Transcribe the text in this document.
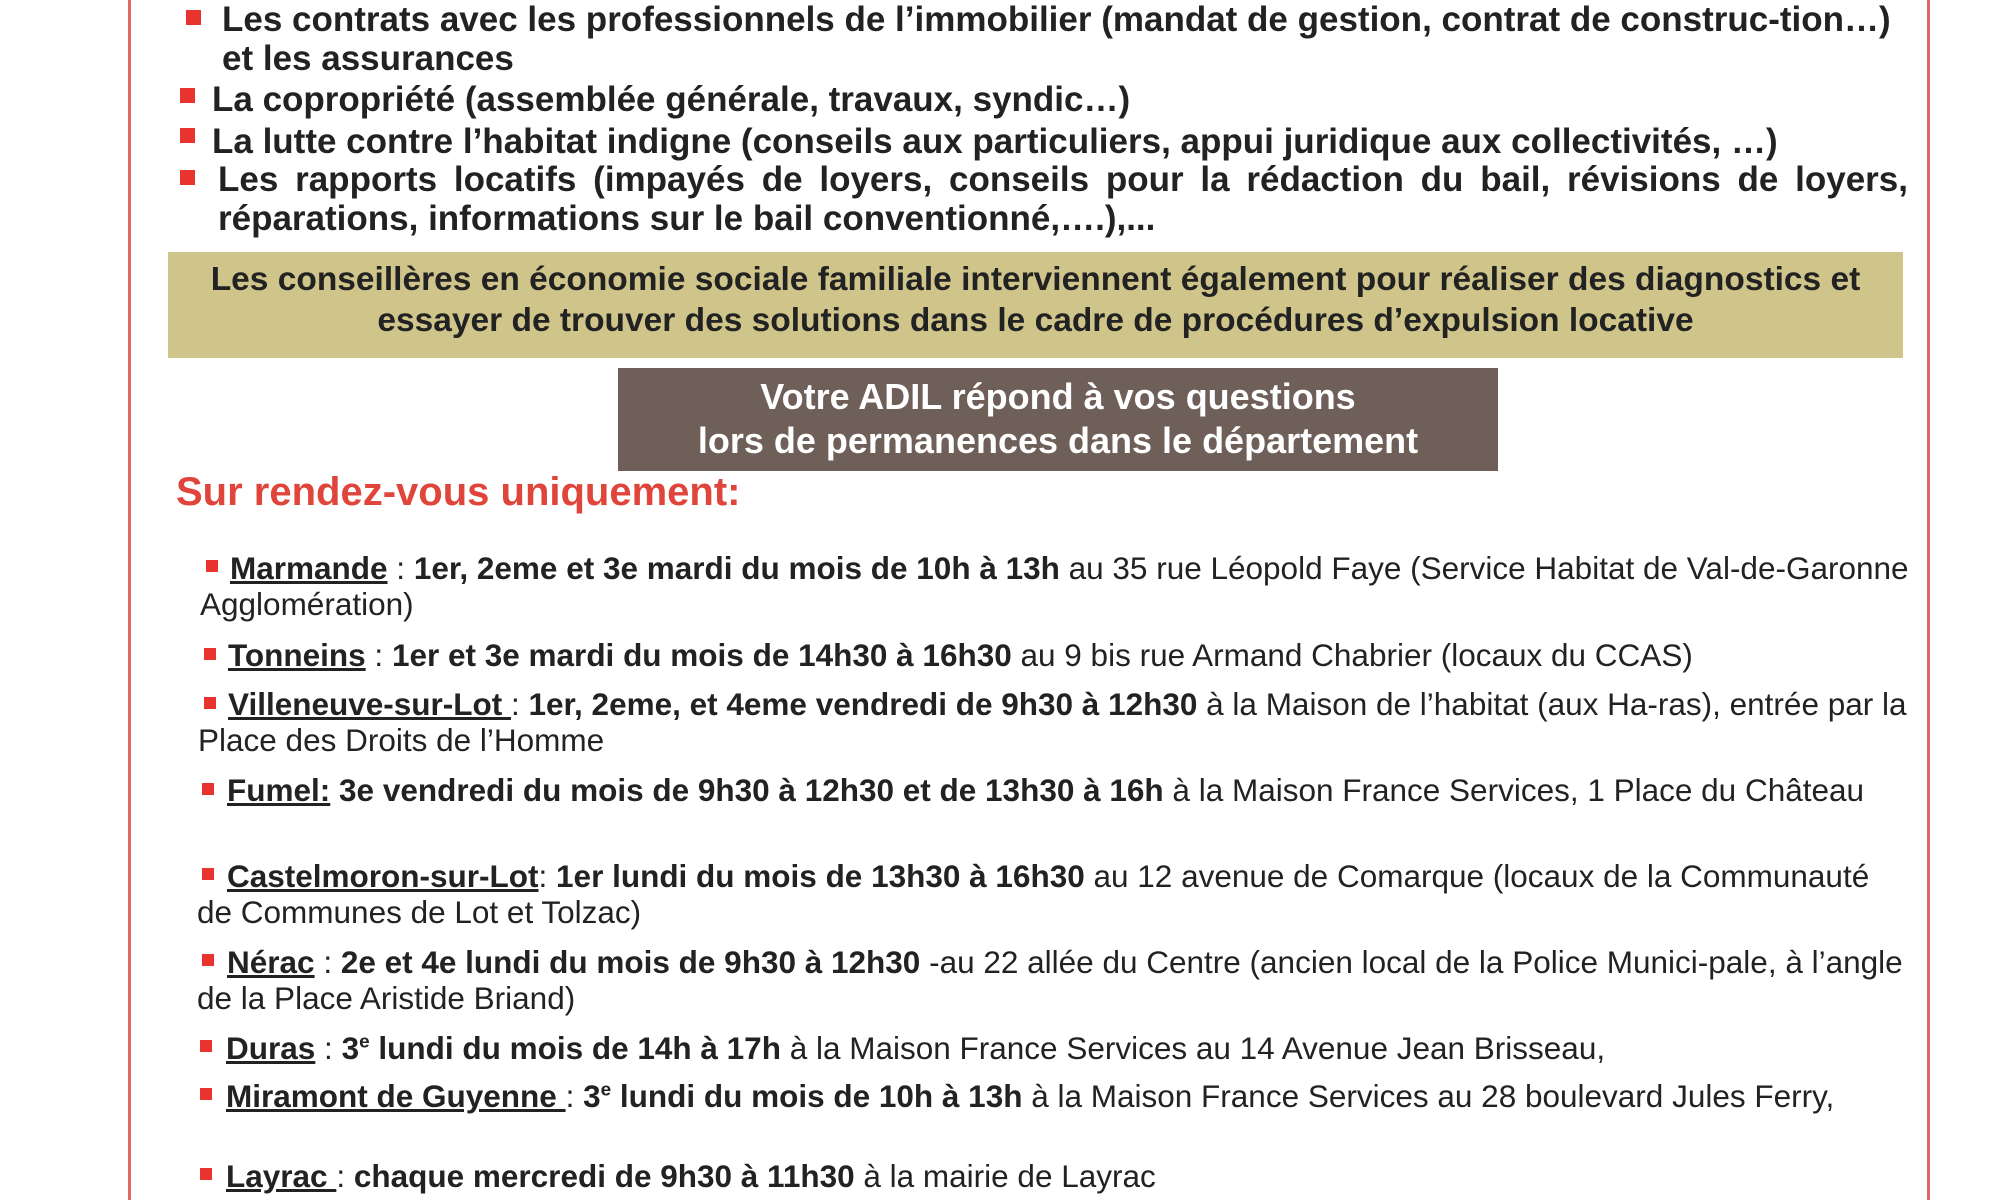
Les contrats avec les professionnels de l’immobilier (mandat de gestion, contrat de construc-tion…) et les assurances
La copropriété (assemblée générale, travaux, syndic…)
La lutte contre l’habitat indigne (conseils aux particuliers, appui juridique aux collectivités, …)
Les rapports locatifs (impayés de loyers, conseils pour la rédaction du bail, révisions de loyers, réparations, informations sur le bail conventionné,….),...
Les conseillères en économie sociale familiale interviennent également pour réaliser des diagnostics et essayer de trouver des solutions dans le cadre de procédures d’expulsion locative
Votre ADIL répond à vos questions
lors de permanences dans le département
Sur rendez-vous uniquement:
Marmande : 1er, 2eme et 3e mardi du mois de 10h à 13h au 35 rue Léopold Faye (Service Habitat de Val-de-Garonne Agglomération)
Tonneins : 1er et 3e mardi du mois de 14h30 à 16h30 au 9 bis rue Armand Chabrier (locaux du CCAS)
Villeneuve-sur-Lot : 1er, 2eme, et 4eme vendredi de 9h30 à 12h30 à la Maison de l’habitat (aux Ha-ras), entrée par la Place des Droits de l’Homme
Fumel: 3e vendredi du mois de 9h30 à 12h30 et de 13h30 à 16h à la Maison France Services, 1 Place du Château
Castelmoron-sur-Lot: 1er lundi du mois de 13h30 à 16h30 au 12 avenue de Comarque (locaux de la Communauté de Communes de Lot et Tolzac)
Nérac : 2e et 4e lundi du mois de 9h30 à 12h30 -au 22 allée du Centre (ancien local de la Police Munici-pale, à l’angle de la Place Aristide Briand)
Duras : 3e lundi du mois de 14h à 17h à la Maison France Services au 14 Avenue Jean Brisseau,
Miramont de Guyenne : 3e lundi du mois de 10h à 13h à la Maison France Services au 28 boulevard Jules Ferry,
Layrac : chaque mercredi de 9h30 à 11h30 à la mairie de Layrac
